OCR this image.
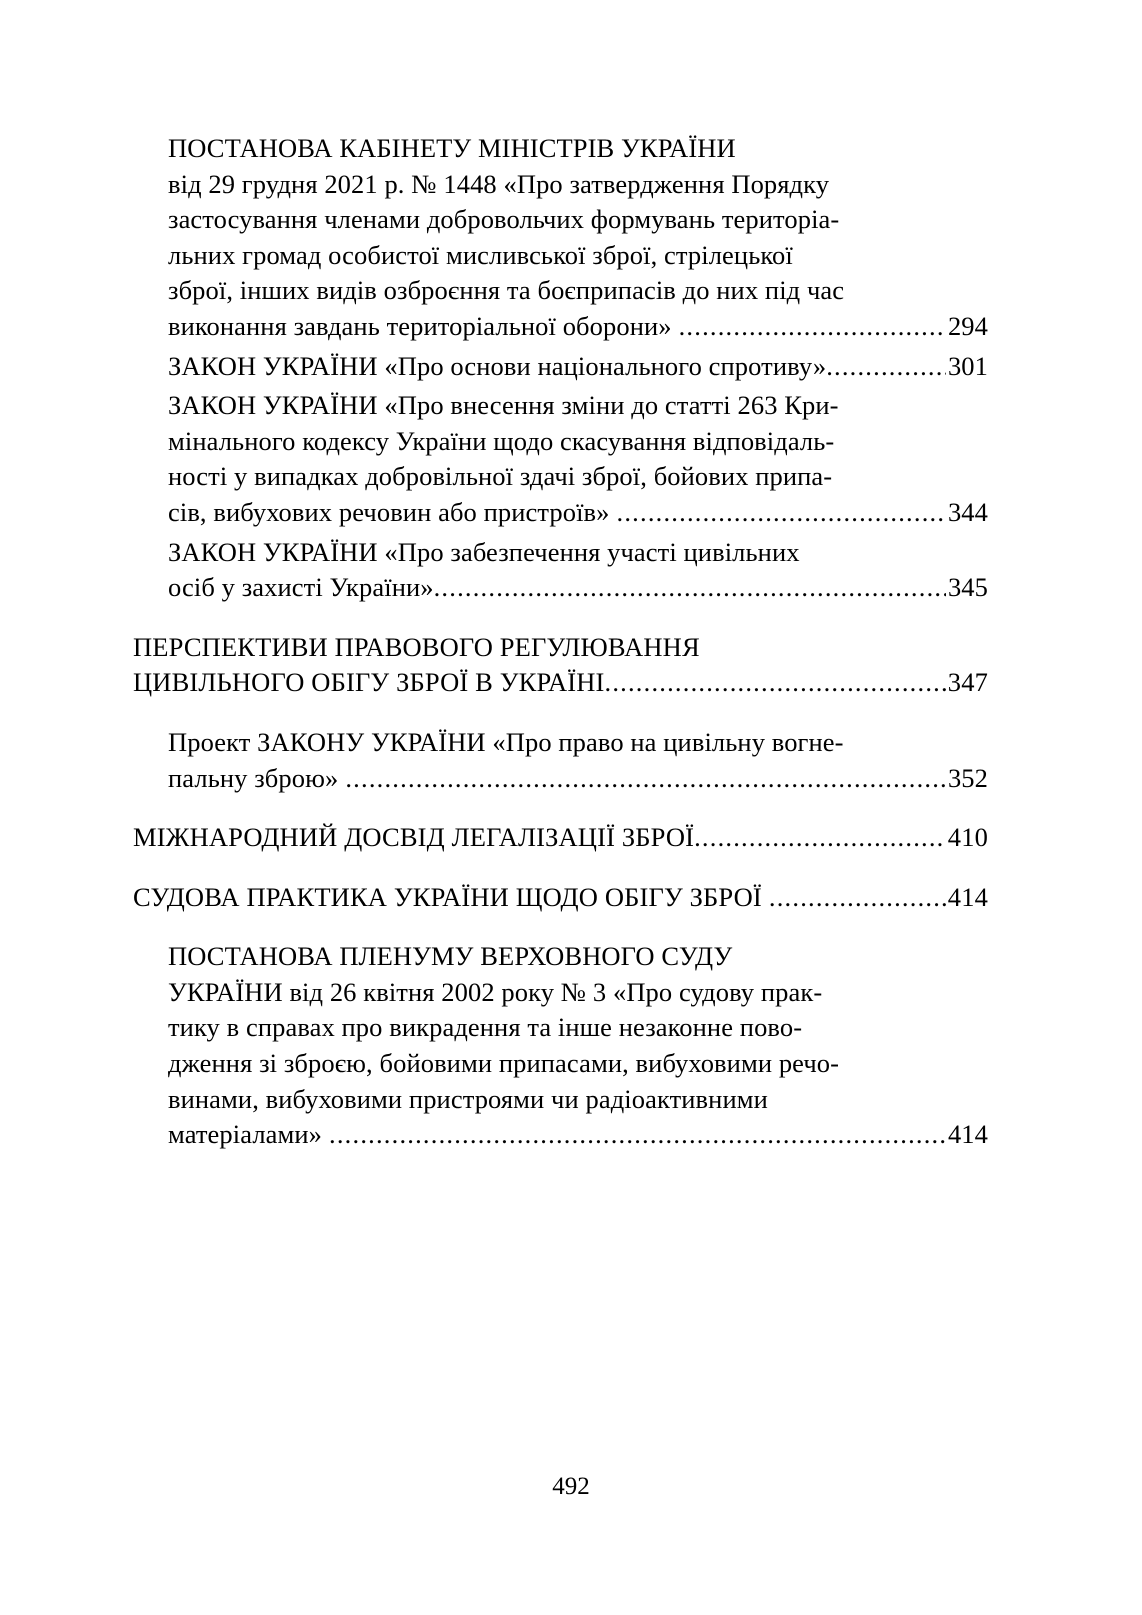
ПОСТАНОВА КАБІНЕТУ МІНІСТРІВ УКРАЇНИ
від 29 грудня 2021 р. № 1448 «Про затвердження Порядку
застосування членами добровольчих формувань територіа-
льних громад особистої мисливської зброї, стрілецької
зброї, інших видів озброєння та боєприпасів до них під час
виконання завдань територіальної оборони» .....	294
ЗАКОН УКРАЇНИ «Про основи національного спротиву» .....	301
ЗАКОН УКРАЇНИ «Про внесення зміни до статті 263 Кри-
мінального кодексу України щодо скасування відповідаль-
ності у випадках добровільної здачі зброї, бойових припа-
сів, вибухових речовин або пристроїв» .....	344
ЗАКОН УКРАЇНИ «Про забезпечення участі цивільних
осіб у захисті України» .....	345
ПЕРСПЕКТИВИ ПРАВОВОГО РЕГУЛЮВАННЯ
ЦИВІЛЬНОГО ОБІГУ ЗБРОЇ В УКРАЇНІ .....	347
Проект ЗАКОНУ УКРАЇНИ «Про право на цивільну вогне-
пальну зброю» .....	352
МІЖНАРОДНИЙ ДОСВІД ЛЕГАЛІЗАЦІЇ ЗБРОЇ .....	410
СУДОВА ПРАКТИКА УКРАЇНИ ЩОДО ОБІГУ ЗБРОЇ .....	414
ПОСТАНОВА ПЛЕНУМУ ВЕРХОВНОГО СУДУ
УКРАЇНИ від 26 квітня 2002 року № 3 «Про судову прак-
тику в справах про викрадення та інше незаконне пово-
дження зі зброєю, бойовими припасами, вибуховими речо-
винами, вибуховими пристроями чи радіоактивними
матеріалами» .....	414
492
